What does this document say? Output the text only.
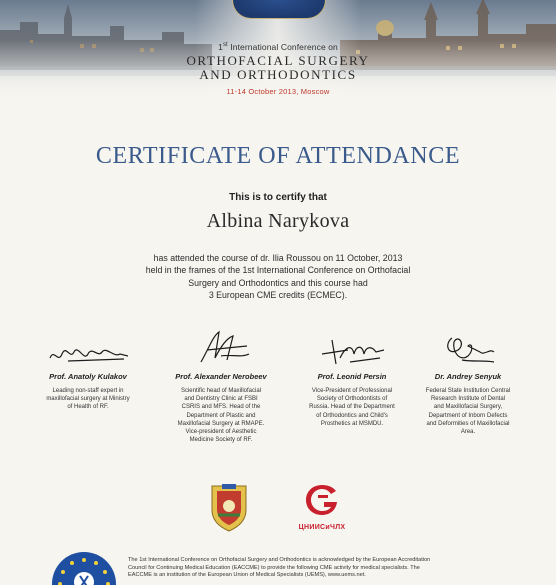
1st International Conference on
ORTHOFACIAL SURGERY
AND ORTHODONTICS
11-14 October 2013, Moscow
CERTIFICATE OF ATTENDANCE
This is to certify that
Albina Narykova
has attended the course of dr. Ilia Roussou on 11 October, 2013
held in the frames of the 1st International Conference on Orthofacial
Surgery and Orthodontics and this course had
3 European CME credits (ECMEC).
Prof. Anatoly Kulakov
Leading non-staff expert in
maxillofacial surgery at Ministry
of Health of RF.
Prof. Alexander Nerobeev
Scientific head of Maxillofacial
and Dentistry Clinic at FSBI
CSRIS and MFS. Head of the
Department of Plastic and
Maxillofacial Surgery at RMAPE.
Vice-president of Aesthetic
Medicine Society of RF.
Prof. Leonid Persin
Vice-President of Professional
Society of Orthodontists of
Russia. Head of the Department
of Orthodontics and Child's
Prosthetics at MSMDU.
Dr. Andrey Senyuk
Federal State Institution Central
Research Institute of Dental
and Maxillofacial Surgery,
Department of Inborn Defects
and Deformities of Maxillofacial
Area.
ЦНИИСиЧЛХ
The 1st International Conference on Orthofacial Surgery and Orthodontics is acknowledged by the European Accreditation
Council for Continuing Medical Education (EACCME) to provide the following CME activity for medical specialists. The
EACCME is an institution of the European Union of Medical Specialists (UEMS), www.uems.net.
